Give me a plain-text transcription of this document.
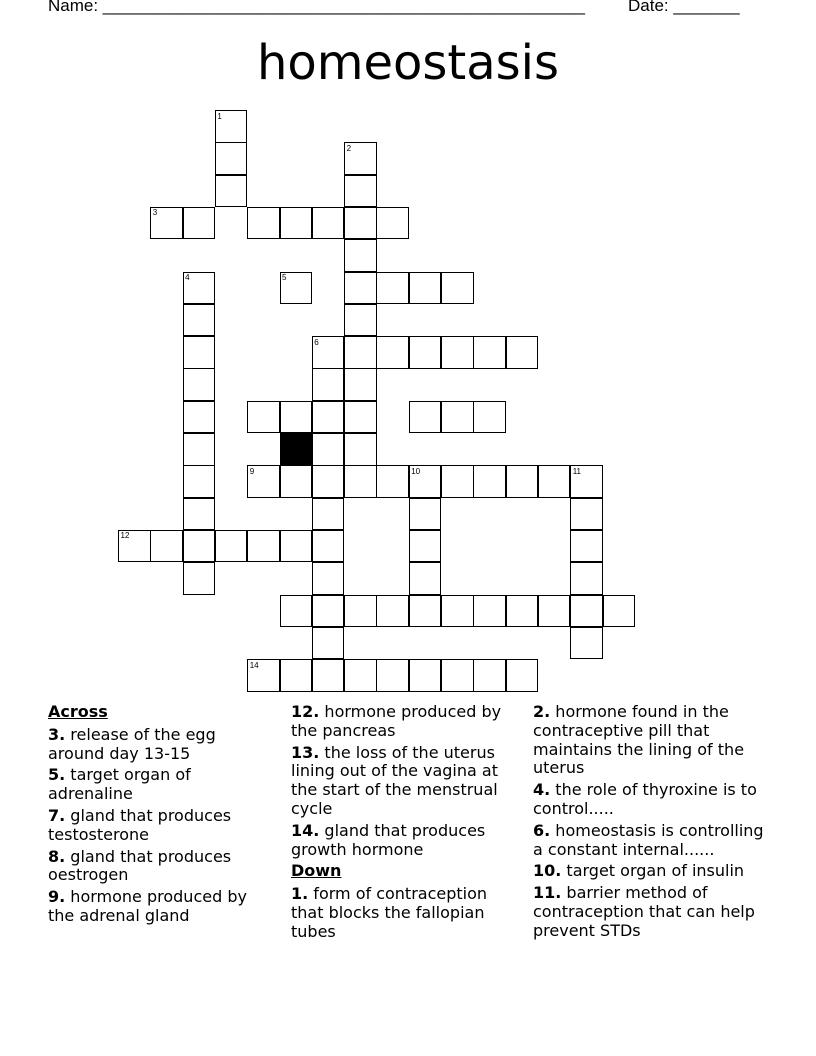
Name: ___________________________________________________	Date: _______
homeostasis
1
2
3
5
4
6
9	10	11
12
14
Across
3. release of the egg around day 13-15
5. target organ of adrenaline
7. gland that produces testosterone
8. gland that produces oestrogen
9. hormone produced by the adrenal gland
12. hormone produced by the pancreas
13. the loss of the uterus lining out of the vagina at the start of the menstrual cycle
14. gland that produces growth hormone
Down
1. form of contraception that blocks the fallopian tubes
2. hormone found in the contraceptive pill that maintains the lining of the uterus
4. the role of thyroxine is to control.....
6. homeostasis is controlling a constant internal......
10. target organ of insulin
11. barrier method of contraception that can help prevent STDs
